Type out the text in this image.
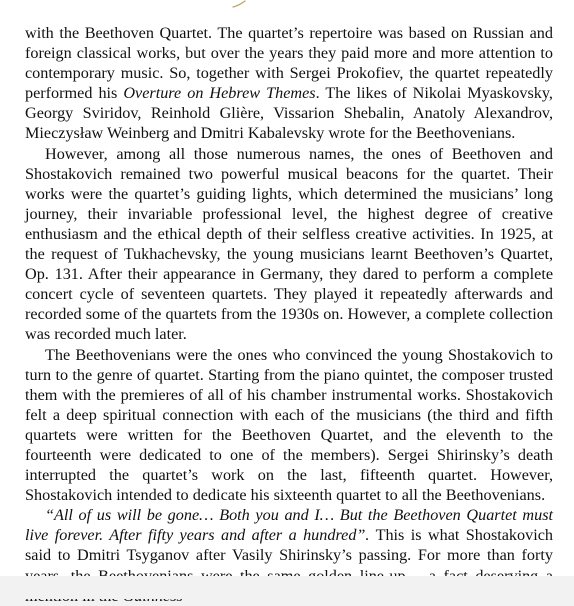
with the Beethoven Quartet. The quartet’s repertoire was based on Russian and foreign classical works, but over the years they paid more and more attention to contemporary music. So, together with Sergei Prokofiev, the quartet repeatedly performed his Overture on Hebrew Themes. The likes of Nikolai Myaskovsky, Georgy Sviridov, Reinhold Glière, Vissarion Shebalin, Anatoly Alexandrov, Mieczysław Weinberg and Dmitri Kabalevsky wrote for the Beethovenians.

However, among all those numerous names, the ones of Beethoven and Shostakovich remained two powerful musical beacons for the quartet. Their works were the quartet’s guiding lights, which determined the musicians’ long journey, their invariable professional level, the highest degree of creative enthusiasm and the ethical depth of their selfless creative activities. In 1925, at the request of Tukhachevsky, the young musicians learnt Beethoven’s Quartet, Op. 131. After their appearance in Germany, they dared to perform a complete concert cycle of seventeen quartets. They played it repeatedly afterwards and recorded some of the quartets from the 1930s on. However, a complete collection was recorded much later.

The Beethovenians were the ones who convinced the young Shostakovich to turn to the genre of quartet. Starting from the piano quintet, the composer trusted them with the premieres of all of his chamber instrumental works. Shostakovich felt a deep spiritual connection with each of the musicians (the third and fifth quartets were written for the Beethoven Quartet, and the eleventh to the fourteenth were dedicated to one of the members). Sergei Shirinsky’s death interrupted the quartet’s work on the last, fifteenth quartet. However, Shostakovich intended to dedicate his sixteenth quartet to all the Beethovenians.

“All of us will be gone… Both you and I… But the Beethoven Quartet must live forever. After fifty years and after a hundred”. This is what Shostakovich said to Dmitri Tsyganov after Vasily Shirinsky’s passing. For more than forty
